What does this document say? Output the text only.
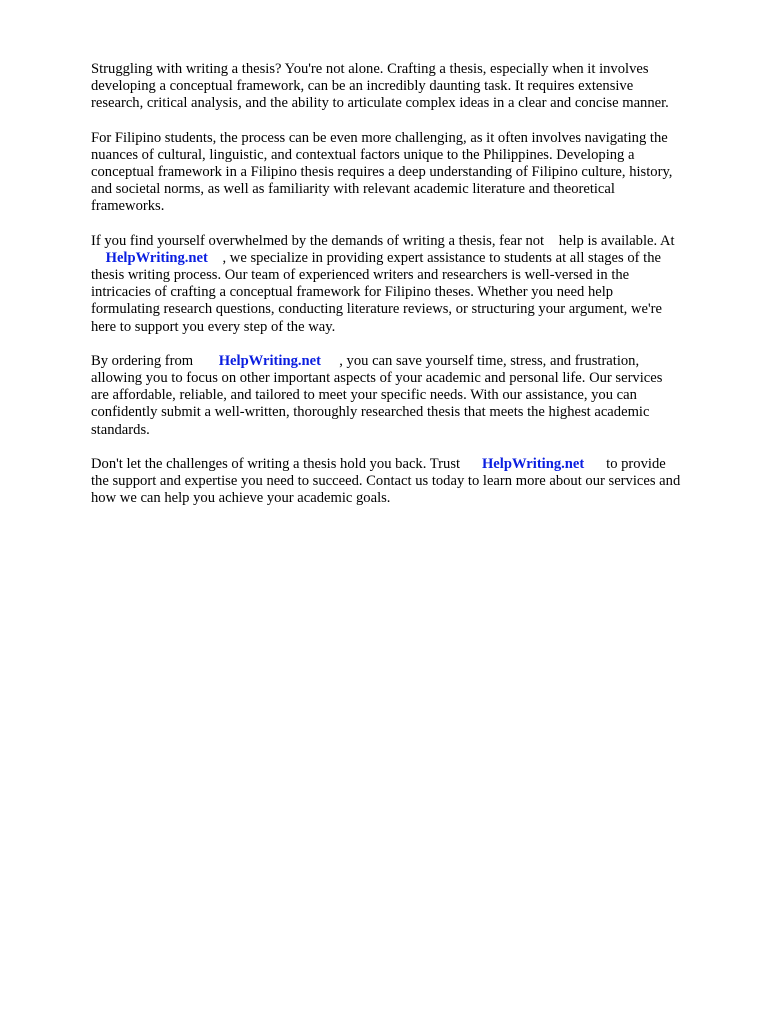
Struggling with writing a thesis? You're not alone. Crafting a thesis, especially when it involves
developing a conceptual framework, can be an incredibly daunting task. It requires extensive
research, critical analysis, and the ability to articulate complex ideas in a clear and concise manner.

For Filipino students, the process can be even more challenging, as it often involves navigating the
nuances of cultural, linguistic, and contextual factors unique to the Philippines. Developing a
conceptual framework in a Filipino thesis requires a deep understanding of Filipino culture, history,
and societal norms, as well as familiarity with relevant academic literature and theoretical
frameworks.

If you find yourself overwhelmed by the demands of writing a thesis, fear not    help is available. At
HelpWriting.net    , we specialize in providing expert assistance to students at all stages of the
thesis writing process. Our team of experienced writers and researchers is well-versed in the
intricacies of crafting a conceptual framework for Filipino theses. Whether you need help
formulating research questions, conducting literature reviews, or structuring your argument, we're
here to support you every step of the way.

By ordering from       HelpWriting.net     , you can save yourself time, stress, and frustration,
allowing you to focus on other important aspects of your academic and personal life. Our services
are affordable, reliable, and tailored to meet your specific needs. With our assistance, you can
confidently submit a well-written, thoroughly researched thesis that meets the highest academic
standards.

Don't let the challenges of writing a thesis hold you back. Trust      HelpWriting.net      to provide
the support and expertise you need to succeed. Contact us today to learn more about our services and
how we can help you achieve your academic goals.
